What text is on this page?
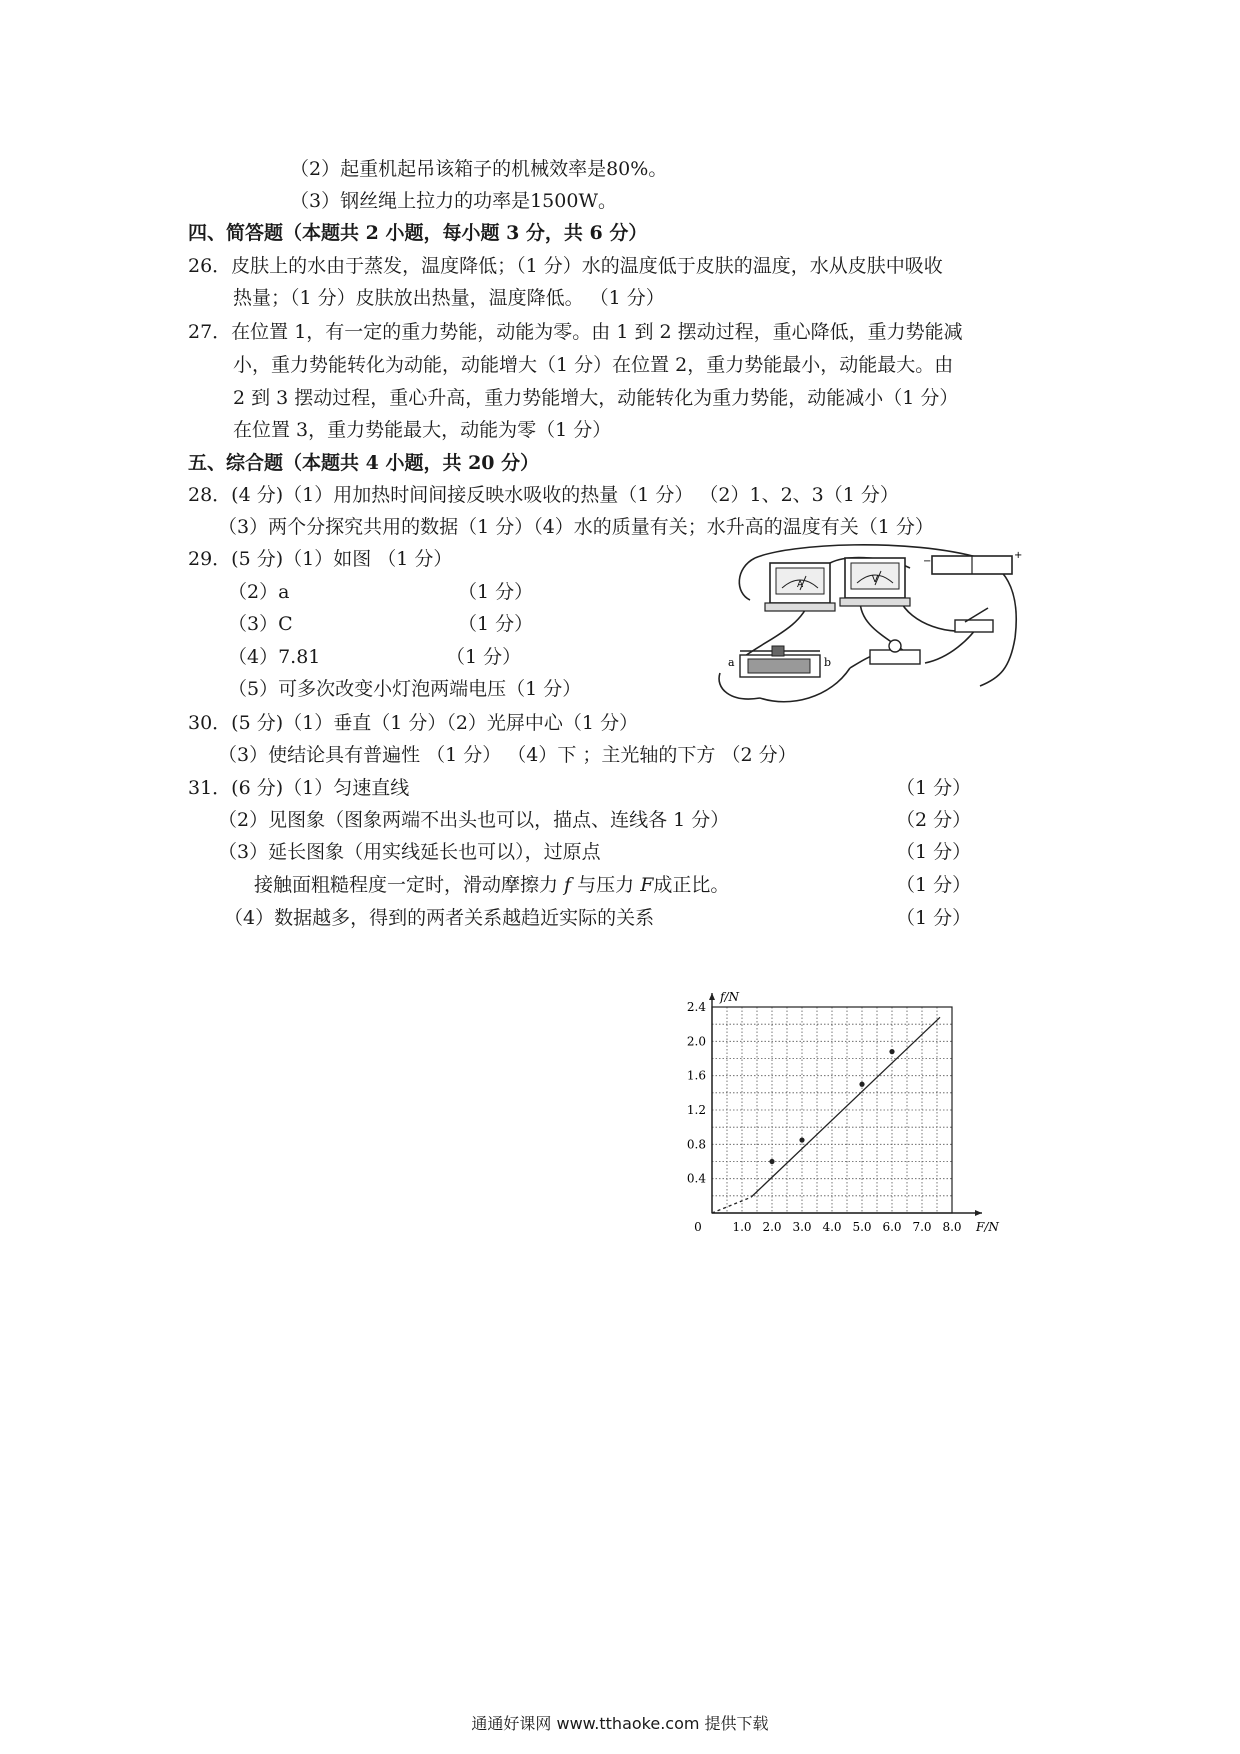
（2）起重机起吊该箱子的机械效率是80%。
（3）钢丝绳上拉力的功率是1500W。
四、简答题（本题共 2 小题，每小题 3 分，共 6 分）
26．皮肤上的水由于蒸发，温度降低；（1 分）水的温度低于皮肤的温度，水从皮肤中吸收
热量；（1 分）皮肤放出热量，温度降低。 （1 分）
27．在位置 1，有一定的重力势能，动能为零。由 1 到 2 摆动过程，重心降低，重力势能减
小，重力势能转化为动能，动能增大（1 分）在位置 2，重力势能最小，动能最大。由
2 到 3 摆动过程，重心升高，重力势能增大，动能转化为重力势能，动能减小（1 分）
在位置 3，重力势能最大，动能为零（1 分）
五、综合题（本题共 4 小题，共 20 分）
28．(4 分)（1）用加热时间间接反映水吸收的热量（1 分） （2）1、2、3（1 分）
（3）两个分探究共用的数据（1 分）（4）水的质量有关；水升高的温度有关（1 分）
29．(5 分)（1）如图 （1 分）
（2）a	（1 分）
（3）C	（1 分）
（4）7.81	（1 分）
（5）可多次改变小灯泡两端电压（1 分）
30．(5 分)（1）垂直（1 分）（2）光屏中心（1 分）
（3）使结论具有普遍性 （1 分） （4）下 ；主光轴的下方 （2 分）
31．(6 分)（1）匀速直线	（1 分）
（2）见图象（图象两端不出头也可以，描点、连线各 1 分）	（2 分）
（3）延长图象（用实线延长也可以），过原点	（1 分）
接触面粗糙程度一定时，滑动摩擦力 f 与压力 F成正比。	（1 分）
（4）数据越多，得到的两者关系越趋近实际的关系	（1 分）
A	V
−
+
a	b
1.0 2.0 3.0 4.0 5.0 6.0 7.0 8.0
0.4
0.8
1.2
1.6
2.0
2.4
0	F/N
f/N
通通好课网 www.tthaoke.com 提供下载
